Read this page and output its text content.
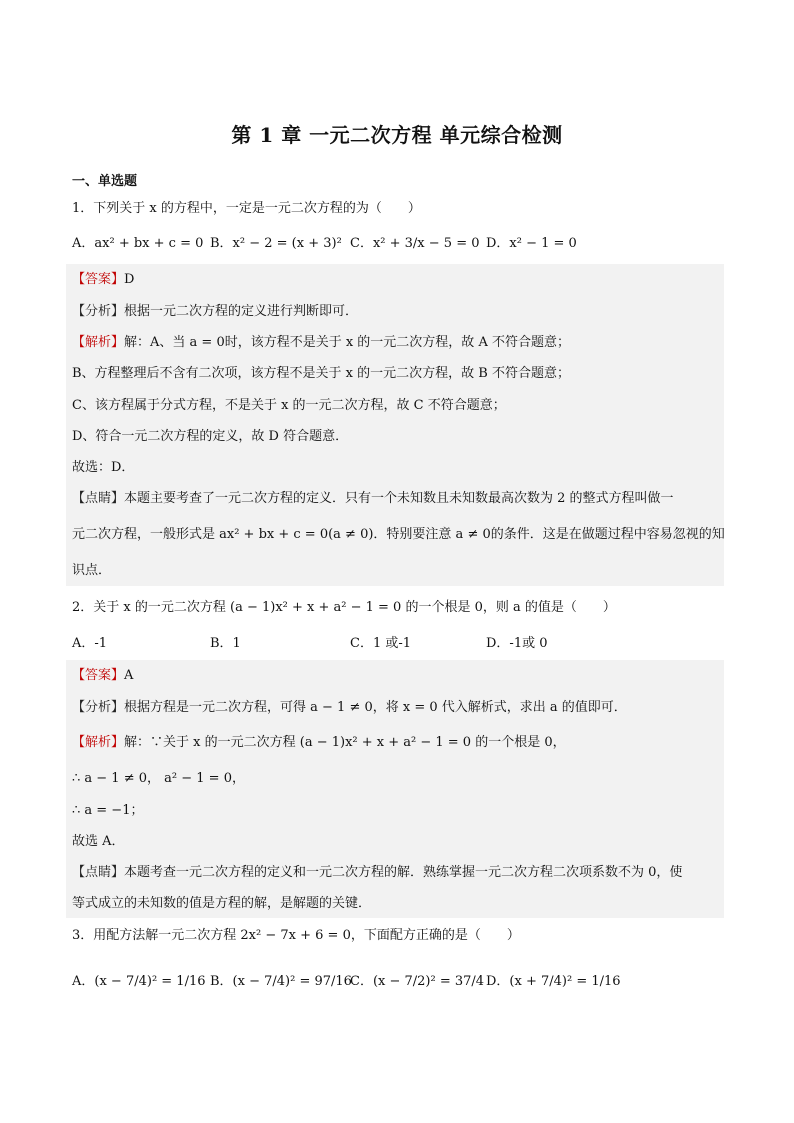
第 1 章 一元二次方程 单元综合检测
一、单选题
1．下列关于 x 的方程中，一定是一元二次方程的为（　　）
A．ax² + bx + c = 0 B．x² − 2 = (x + 3)² C．x² + 3/x − 5 = 0 D．x² − 1 = 0
【答案】D
【分析】根据一元二次方程的定义进行判断即可．
【解析】解：A、当 a = 0时，该方程不是关于 x 的一元二次方程，故 A 不符合题意；
B、方程整理后不含有二次项，该方程不是关于 x 的一元二次方程，故 B 不符合题意；
C、该方程属于分式方程，不是关于 x 的一元二次方程，故 C 不符合题意；
D、符合一元二次方程的定义，故 D 符合题意．
故选：D．
【点睛】本题主要考查了一元二次方程的定义．只有一个未知数且未知数最高次数为 2 的整式方程叫做一
元二次方程，一般形式是 ax² + bx + c = 0(a ≠ 0)．特别要注意 a ≠ 0的条件．这是在做题过程中容易忽视的知
识点．
2．关于 x 的一元二次方程 (a − 1)x² + x + a² − 1 = 0 的一个根是 0，则 a 的值是（　　）
A．-1	B．1	C．1 或-1	D．-1或 0
【答案】A
【分析】根据方程是一元二次方程，可得 a − 1 ≠ 0，将 x = 0 代入解析式，求出 a 的值即可．
【解析】解：∵关于 x 的一元二次方程 (a − 1)x² + x + a² − 1 = 0 的一个根是 0，
∴ a − 1 ≠ 0， a² − 1 = 0，
∴ a = −1；
故选 A．
【点睛】本题考查一元二次方程的定义和一元二次方程的解．熟练掌握一元二次方程二次项系数不为 0，使
等式成立的未知数的值是方程的解，是解题的关键．
3．用配方法解一元二次方程 2x² − 7x + 6 = 0，下面配方正确的是（　　）
A．(x − 7/4)² = 1/16 B．(x − 7/4)² = 97/16
C．(x − 7/2)² = 37/4 D．(x + 7/4)² = 1/16
